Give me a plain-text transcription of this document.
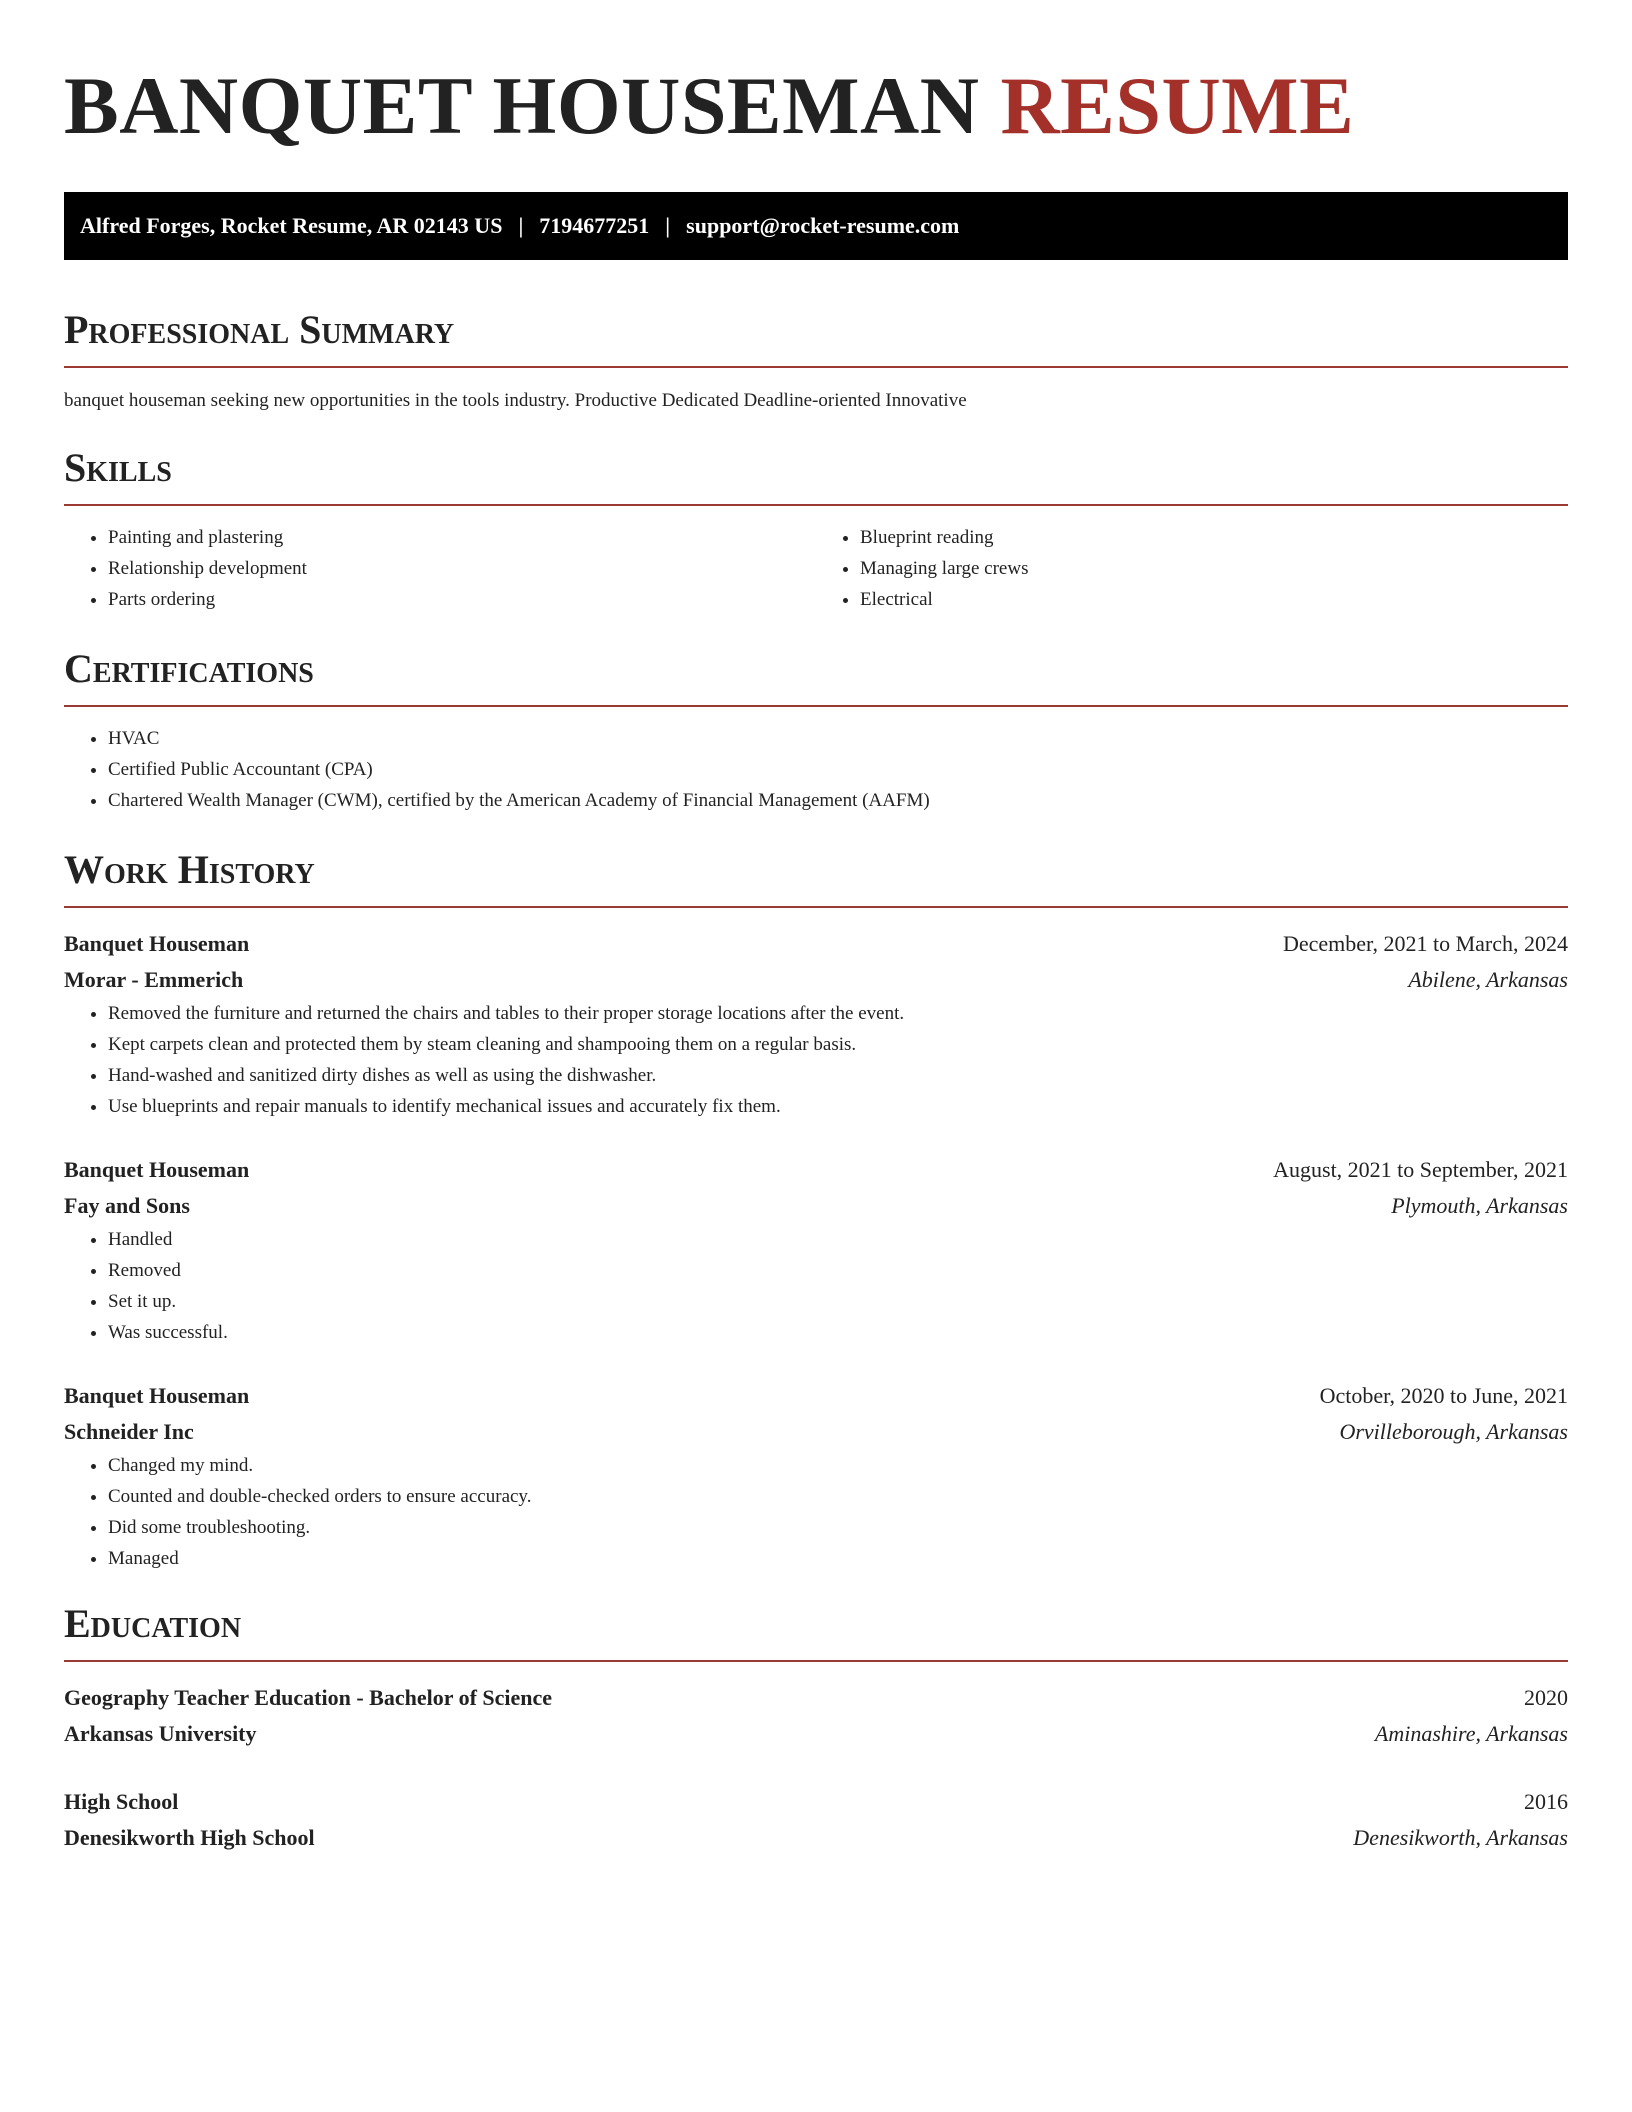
BANQUET HOUSEMAN RESUME
Alfred Forges, Rocket Resume, AR 02143 US | 7194677251 | support@rocket-resume.com
Professional Summary
banquet houseman seeking new opportunities in the tools industry. Productive Dedicated Deadline-oriented Innovative
Skills
• Painting and plastering
• Relationship development
• Parts ordering
• Blueprint reading
• Managing large crews
• Electrical
Certifications
• HVAC
• Certified Public Accountant (CPA)
• Chartered Wealth Manager (CWM), certified by the American Academy of Financial Management (AAFM)
Work History
Banquet Houseman	December, 2021 to March, 2024
Morar - Emmerich	Abilene, Arkansas
• Removed the furniture and returned the chairs and tables to their proper storage locations after the event.
• Kept carpets clean and protected them by steam cleaning and shampooing them on a regular basis.
• Hand-washed and sanitized dirty dishes as well as using the dishwasher.
• Use blueprints and repair manuals to identify mechanical issues and accurately fix them.
Banquet Houseman	August, 2021 to September, 2021
Fay and Sons	Plymouth, Arkansas
• Handled
• Removed
• Set it up.
• Was successful.
Banquet Houseman	October, 2020 to June, 2021
Schneider Inc	Orvilleborough, Arkansas
• Changed my mind.
• Counted and double-checked orders to ensure accuracy.
• Did some troubleshooting.
• Managed
Education
Geography Teacher Education - Bachelor of Science	2020
Arkansas University	Aminashire, Arkansas
High School	2016
Denesikworth High School	Denesikworth, Arkansas
